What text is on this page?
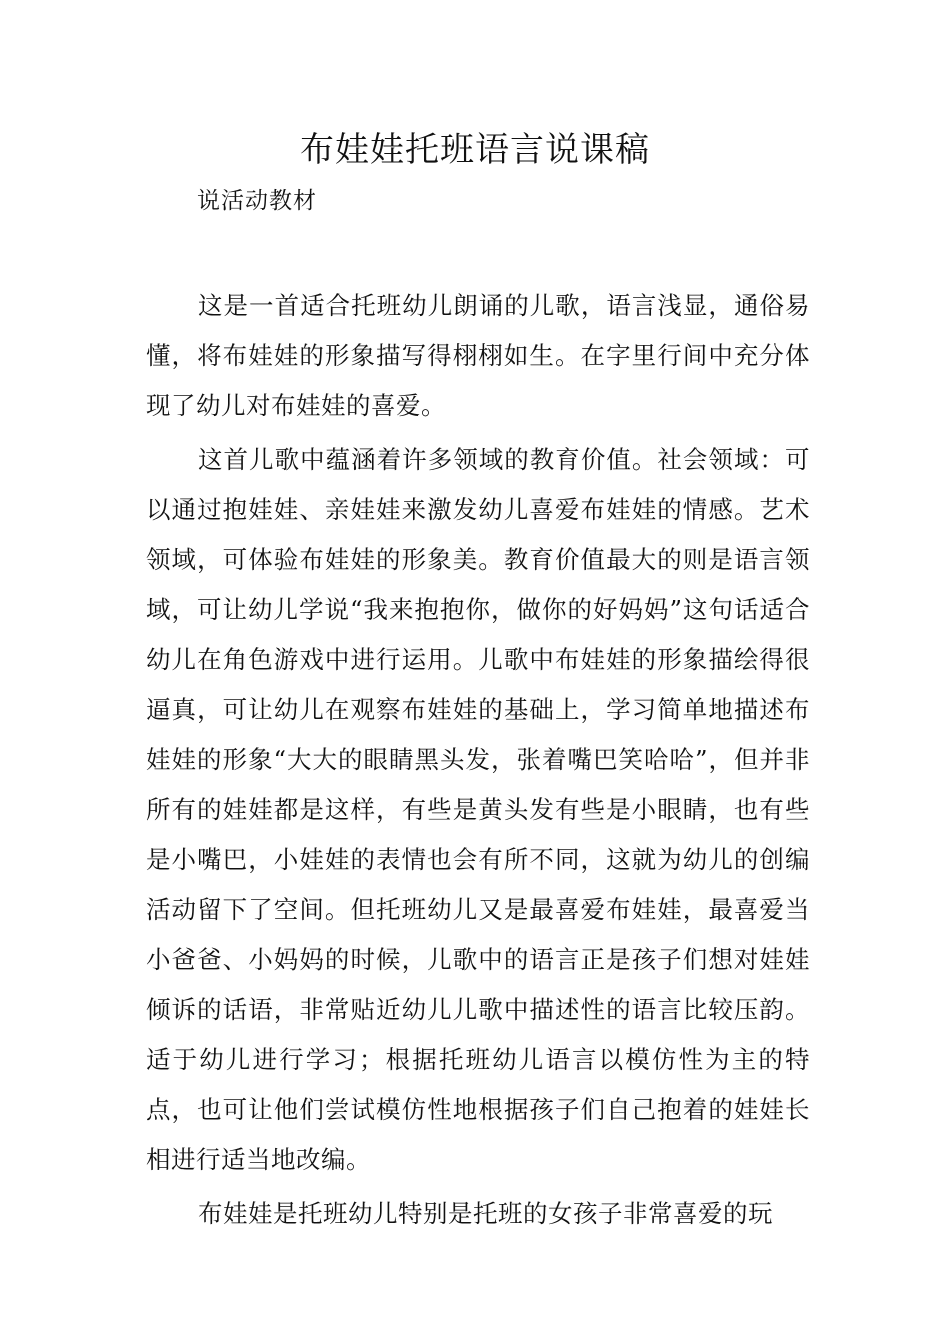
布娃娃托班语言说课稿

说活动教材

这是一首适合托班幼儿朗诵的儿歌，语言浅显，通俗易懂，将布娃娃的形象描写得栩栩如生。在字里行间中充分体现了幼儿对布娃娃的喜爱。

这首儿歌中蕴涵着许多领域的教育价值。社会领域：可以通过抱娃娃、亲娃娃来激发幼儿喜爱布娃娃的情感。艺术领域，可体验布娃娃的形象美。教育价值最大的则是语言领域，可让幼儿学说“我来抱抱你，做你的好妈妈”这句话适合幼儿在角色游戏中进行运用。儿歌中布娃娃的形象描绘得很逼真，可让幼儿在观察布娃娃的基础上，学习简单地描述布娃娃的形象“大大的眼睛黑头发，张着嘴巴笑哈哈”，但并非所有的娃娃都是这样，有些是黄头发有些是小眼睛，也有些是小嘴巴，小娃娃的表情也会有所不同，这就为幼儿的创编活动留下了空间。但托班幼儿又是最喜爱布娃娃，最喜爱当小爸爸、小妈妈的时候，儿歌中的语言正是孩子们想对娃娃倾诉的话语，非常贴近幼儿儿歌中描述性的语言比较压韵。适于幼儿进行学习；根据托班幼儿语言以模仿性为主的特点，也可让他们尝试模仿性地根据孩子们自己抱着的娃娃长相进行适当地改编。

布娃娃是托班幼儿特别是托班的女孩子非常喜爱的玩
